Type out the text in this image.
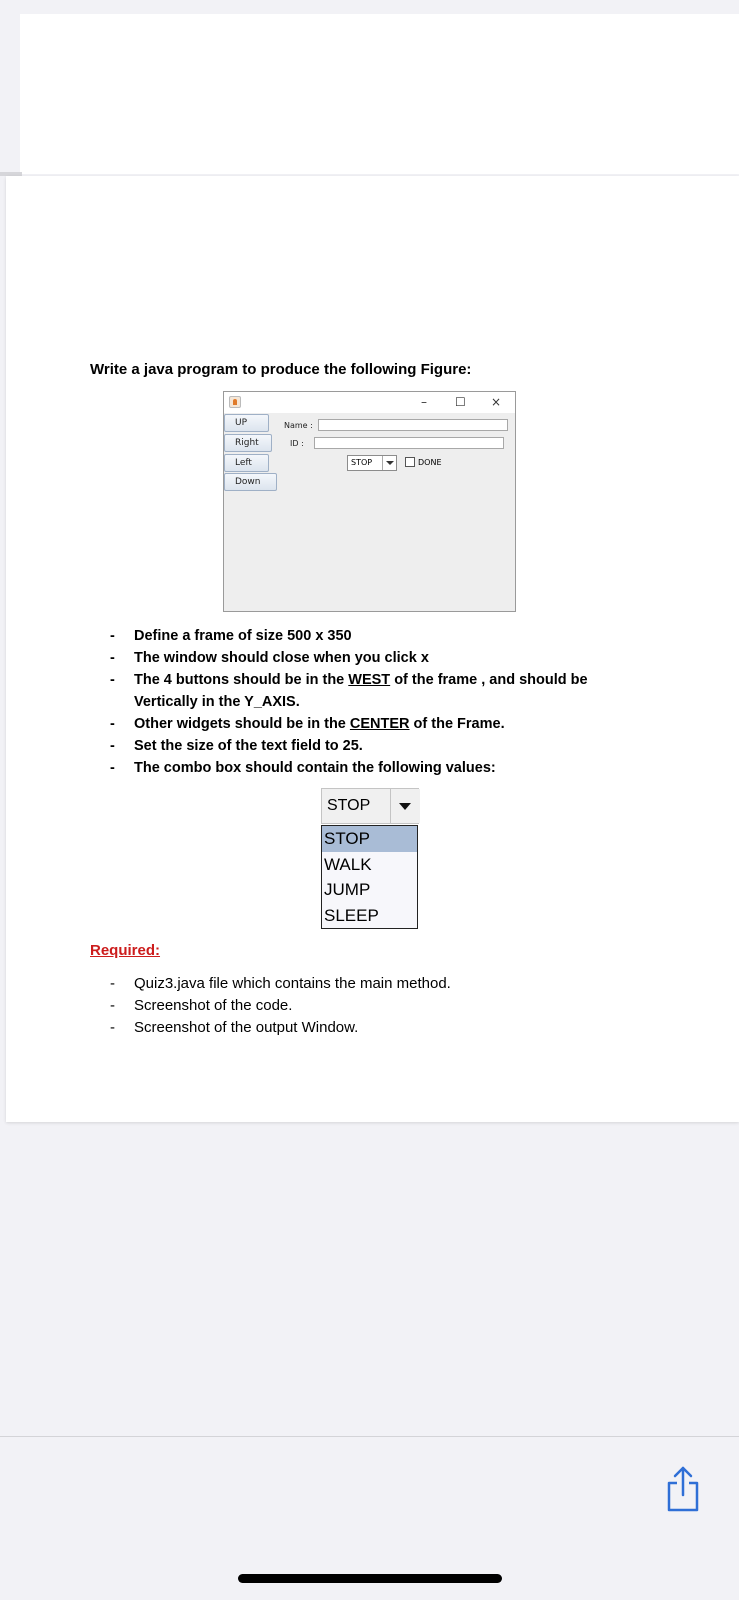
Write a java program to produce the following Figure:
– ☐ ×
UP
Right
Left
Down
Name :
ID :
STOP	DONE
- Define a frame of size 500 x 350
- The window should close when you click x
- The 4 buttons should be in the WEST of the frame , and should be Vertically in the Y_AXIS.
- Other widgets should be in the CENTER of the Frame.
- Set the size of the text field to 25.
- The combo box should contain the following values:
STOP
STOP
WALK
JUMP
SLEEP
Required:
- Quiz3.java file which contains the main method.
- Screenshot of the code.
- Screenshot of the output Window.
